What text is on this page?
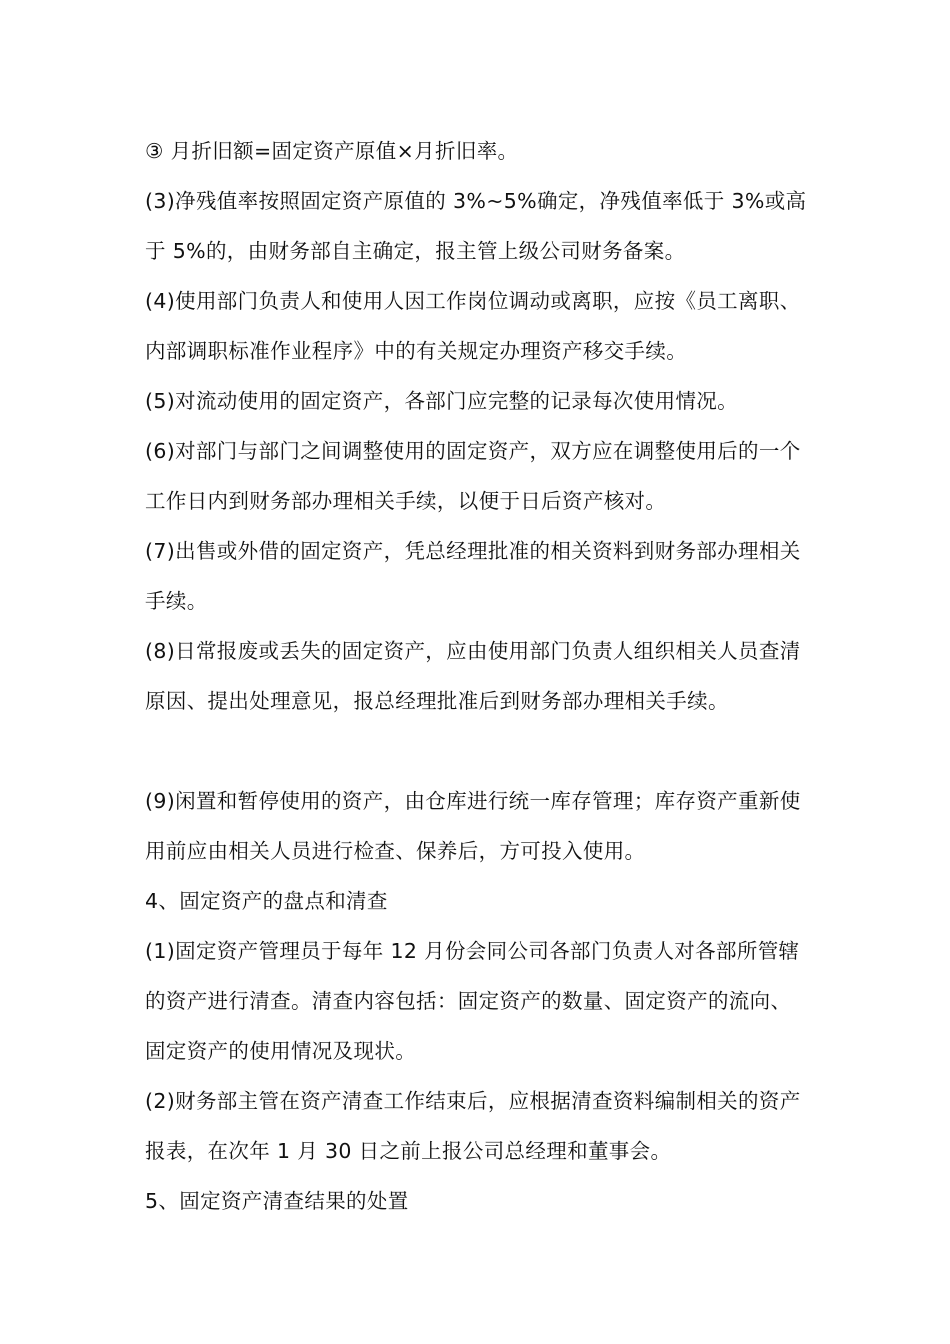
③ 月折旧额=固定资产原值×月折旧率。

(3)净残值率按照固定资产原值的 3%~5%确定，净残值率低于 3%或高于 5%的，由财务部自主确定，报主管上级公司财务备案。

(4)使用部门负责人和使用人因工作岗位调动或离职，应按《员工离职、内部调职标准作业程序》中的有关规定办理资产移交手续。

(5)对流动使用的固定资产，各部门应完整的记录每次使用情况。

(6)对部门与部门之间调整使用的固定资产，双方应在调整使用后的一个工作日内到财务部办理相关手续，以便于日后资产核对。

(7)出售或外借的固定资产，凭总经理批准的相关资料到财务部办理相关手续。

(8)日常报废或丢失的固定资产，应由使用部门负责人组织相关人员查清原因、提出处理意见，报总经理批准后到财务部办理相关手续。

(9)闲置和暂停使用的资产，由仓库进行统一库存管理；库存资产重新使用前应由相关人员进行检查、保养后，方可投入使用。

4、固定资产的盘点和清查

(1)固定资产管理员于每年 12 月份会同公司各部门负责人对各部所管辖的资产进行清查。清查内容包括：固定资产的数量、固定资产的流向、固定资产的使用情况及现状。

(2)财务部主管在资产清查工作结束后，应根据清查资料编制相关的资产报表，在次年 1 月 30 日之前上报公司总经理和董事会。

5、固定资产清查结果的处置
